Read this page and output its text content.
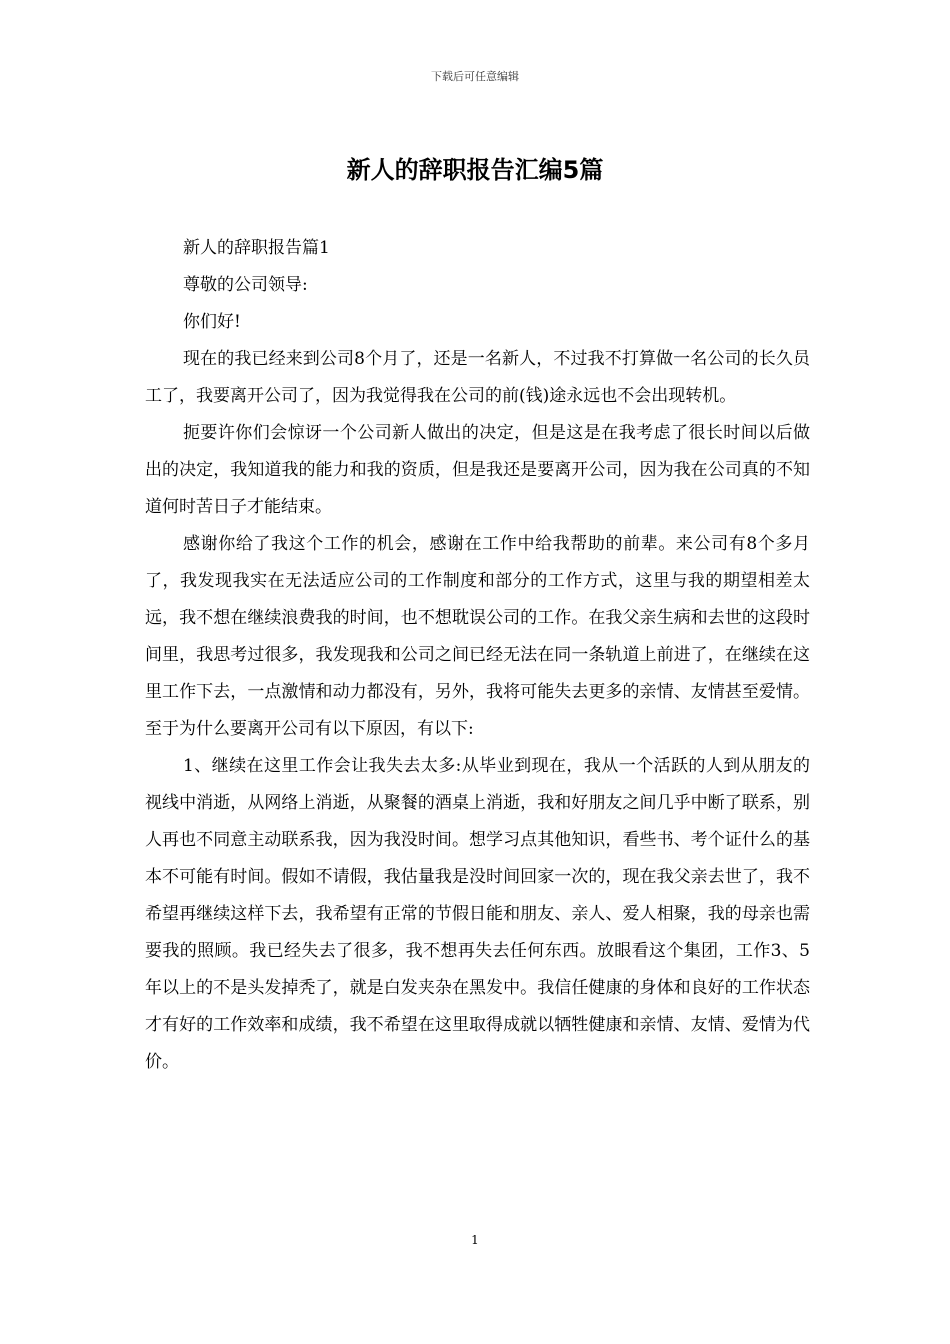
下载后可任意编辑
新人的辞职报告汇编5篇

新人的辞职报告篇1

尊敬的公司领导:

你们好!

现在的我已经来到公司8个月了，还是一名新人，不过我不打算做一名公司的长久员工了，我要离开公司了，因为我觉得我在公司的前(钱)途永远也不会出现转机。

扼要许你们会惊讶一个公司新人做出的决定，但是这是在我考虑了很长时间以后做出的决定，我知道我的能力和我的资质，但是我还是要离开公司，因为我在公司真的不知道何时苦日子才能结束。

感谢你给了我这个工作的机会，感谢在工作中给我帮助的前辈。来公司有8个多月了，我发现我实在无法适应公司的工作制度和部分的工作方式，这里与我的期望相差太远，我不想在继续浪费我的时间，也不想耽误公司的工作。在我父亲生病和去世的这段时间里，我思考过很多，我发现我和公司之间已经无法在同一条轨道上前进了，在继续在这里工作下去，一点激情和动力都没有，另外，我将可能失去更多的亲情、友情甚至爱情。至于为什么要离开公司有以下原因，有以下:

1、继续在这里工作会让我失去太多:从毕业到现在，我从一个活跃的人到从朋友的视线中消逝，从网络上消逝，从聚餐的酒桌上消逝，我和好朋友之间几乎中断了联系，别人再也不同意主动联系我，因为我没时间。想学习点其他知识，看些书、考个证什么的基本不可能有时间。假如不请假，我估量我是没时间回家一次的，现在我父亲去世了，我不希望再继续这样下去，我希望有正常的节假日能和朋友、亲人、爱人相聚，我的母亲也需要我的照顾。我已经失去了很多，我不想再失去任何东西。放眼看这个集团，工作3、5年以上的不是头发掉秃了，就是白发夹杂在黑发中。我信任健康的身体和良好的工作状态才有好的工作效率和成绩，我不希望在这里取得成就以牺牲健康和亲情、友情、爱情为代价。

1
